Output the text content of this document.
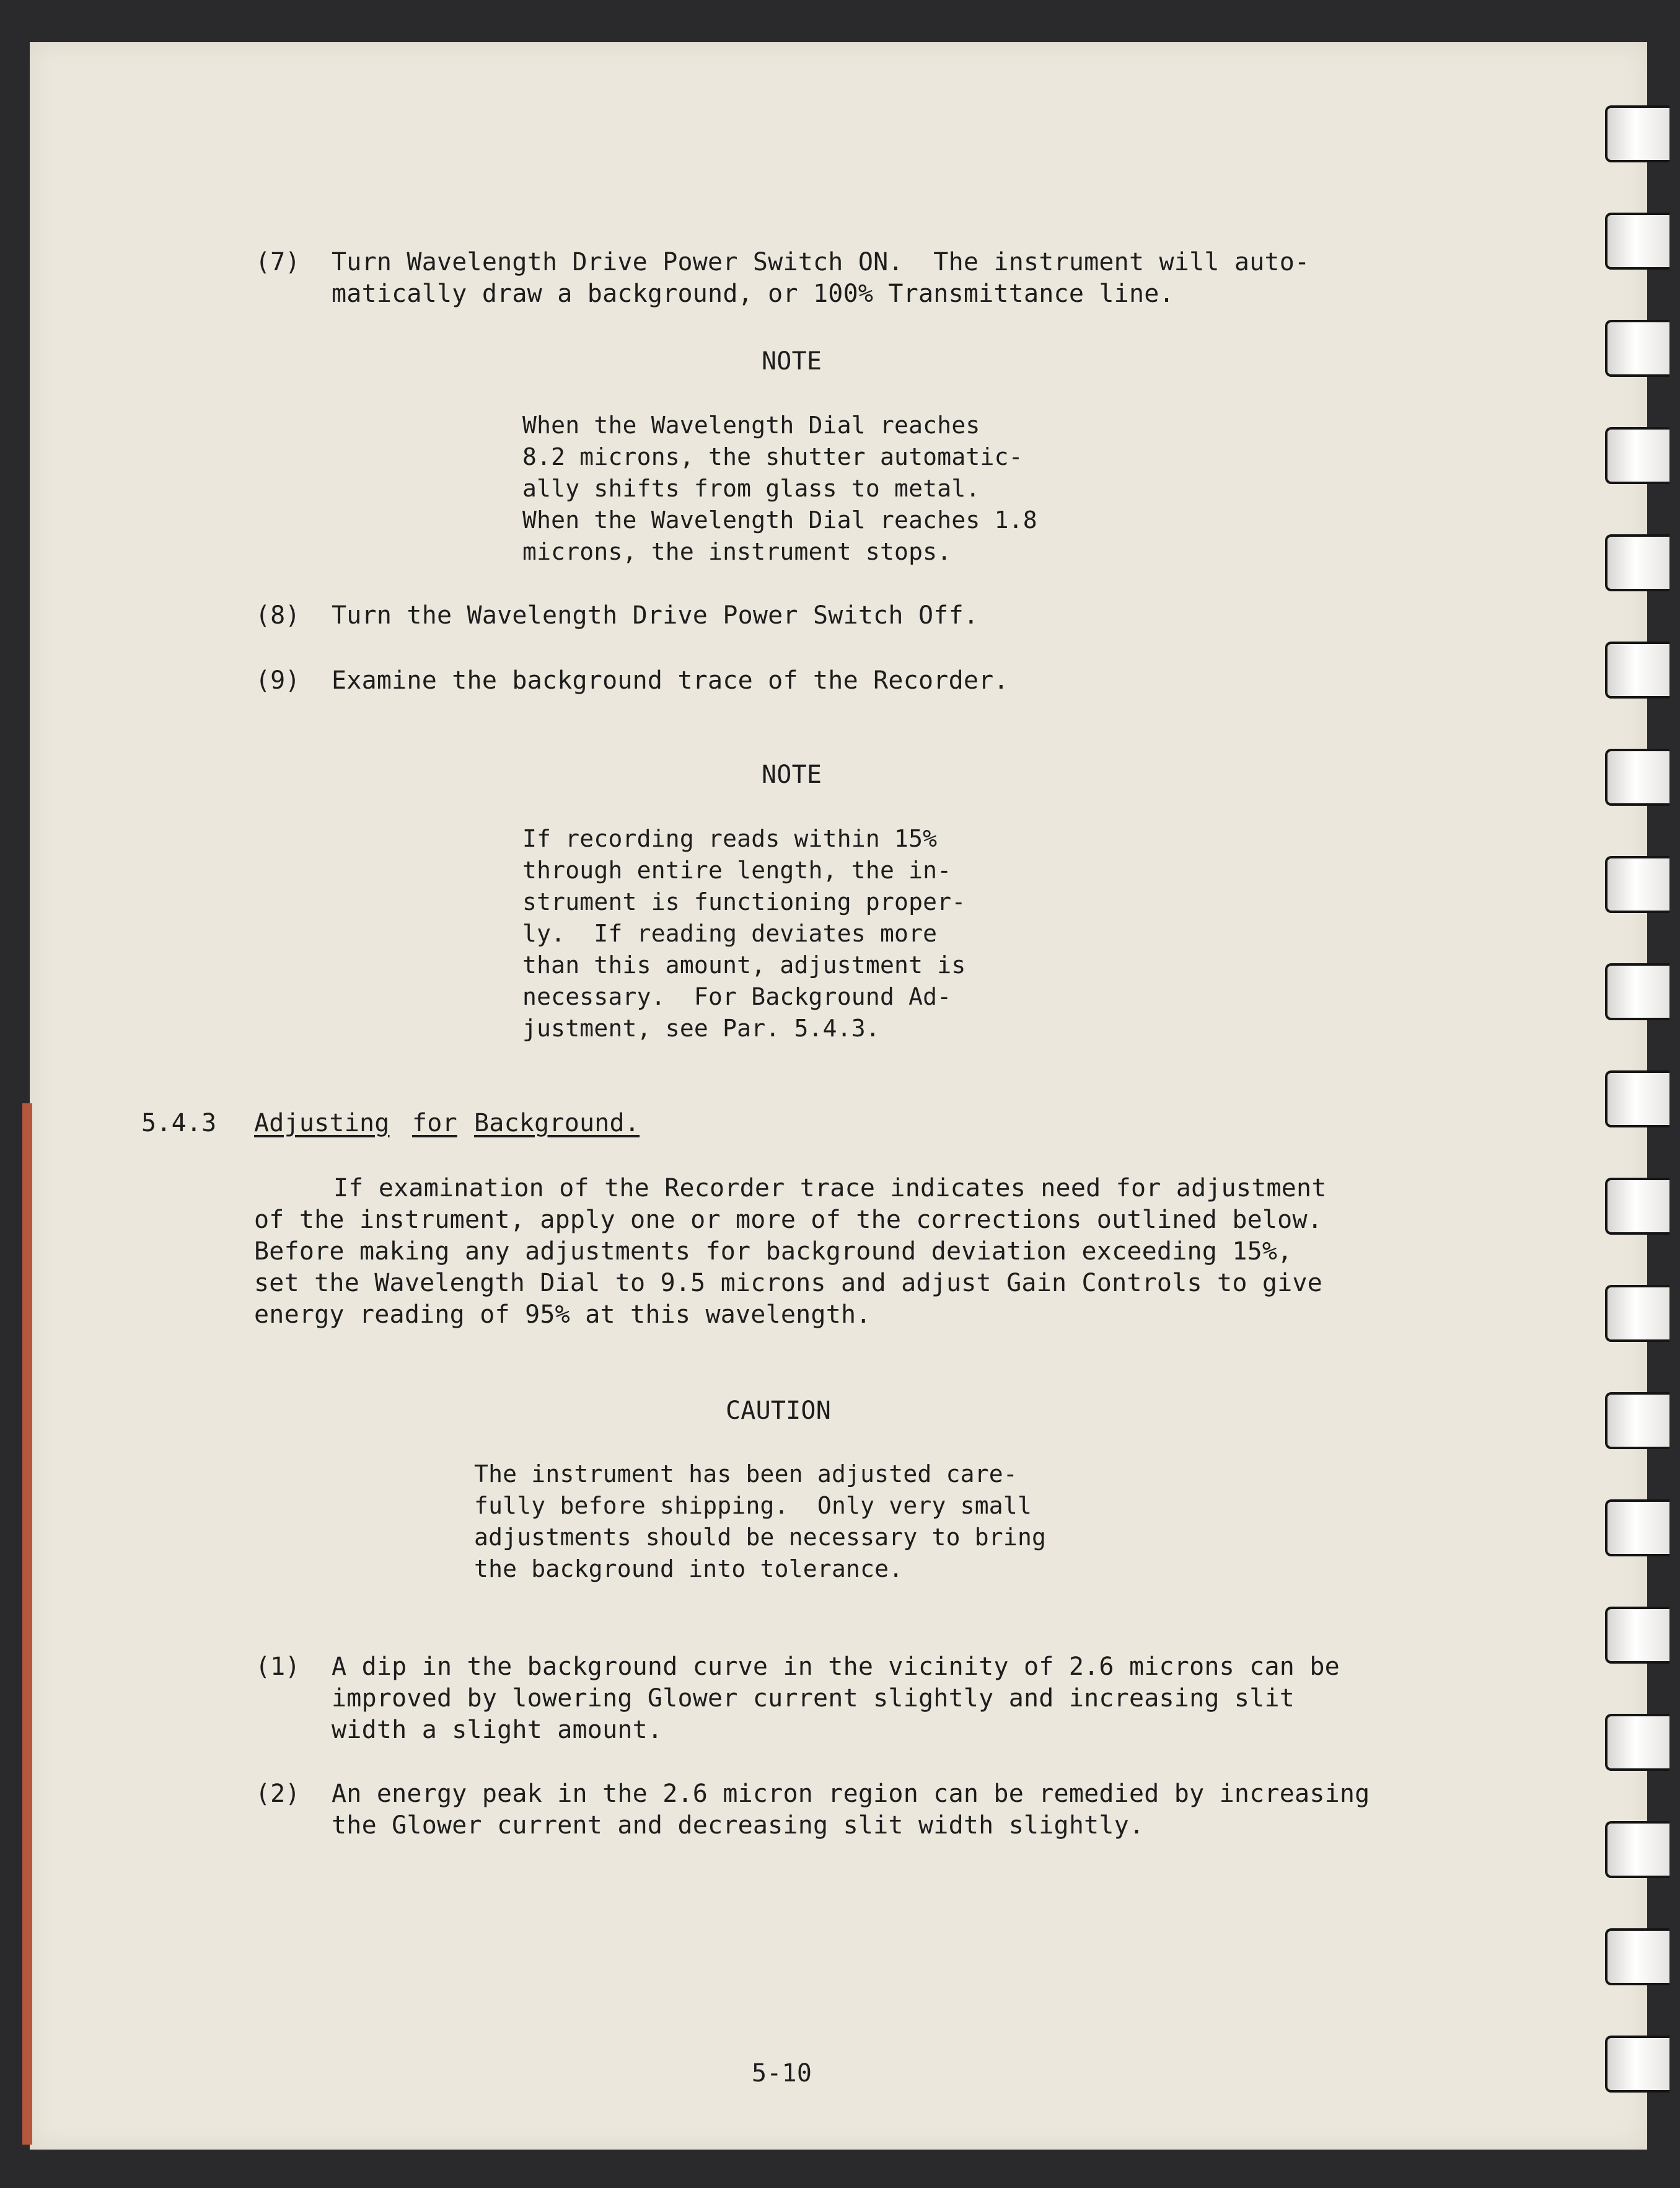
(7) Turn Wavelength Drive Power Switch ON.  The instrument will auto-

matically draw a background, or 100% Transmittance line.

NOTE

When the Wavelength Dial reaches

8.2 microns, the shutter automatic-

ally shifts from glass to metal.

When the Wavelength Dial reaches 1.8

microns, the instrument stops.

(8) Turn the Wavelength Drive Power Switch Off.

(9) Examine the background trace of the Recorder.

NOTE

If recording reads within 15%

through entire length, the in-

strument is functioning proper-

ly.  If reading deviates more

than this amount, adjustment is

necessary.  For Background Ad-

justment, see Par. 5.4.3.

5.4.3 Adjusting for Background.

If examination of the Recorder trace indicates need for adjustment

of the instrument, apply one or more of the corrections outlined below.

Before making any adjustments for background deviation exceeding 15%,

set the Wavelength Dial to 9.5 microns and adjust Gain Controls to give

energy reading of 95% at this wavelength.

CAUTION

The instrument has been adjusted care-

fully before shipping.  Only very small

adjustments should be necessary to bring

the background into tolerance.

(1) A dip in the background curve in the vicinity of 2.6 microns can be

improved by lowering Glower current slightly and increasing slit

width a slight amount.

(2) An energy peak in the 2.6 micron region can be remedied by increasing

the Glower current and decreasing slit width slightly.

5-10
